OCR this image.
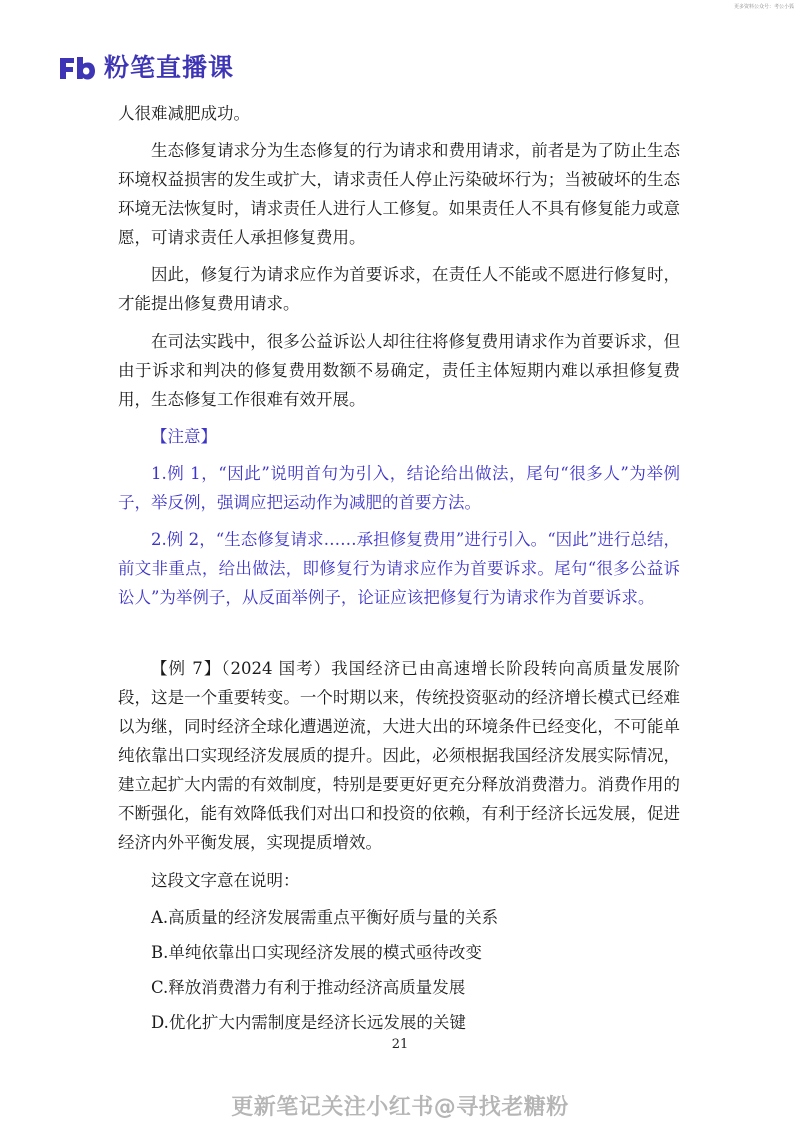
更多资料公众号：考公小狐
粉笔直播课

人很难减肥成功。

生态修复请求分为生态修复的行为请求和费用请求，前者是为了防止生态环境权益损害的发生或扩大，请求责任人停止污染破坏行为；当被破坏的生态环境无法恢复时，请求责任人进行人工修复。如果责任人不具有修复能力或意愿，可请求责任人承担修复费用。

因此，修复行为请求应作为首要诉求，在责任人不能或不愿进行修复时，才能提出修复费用请求。

在司法实践中，很多公益诉讼人却往往将修复费用请求作为首要诉求，但由于诉求和判决的修复费用数额不易确定，责任主体短期内难以承担修复费用，生态修复工作很难有效开展。

【注意】

1.例 1，“因此”说明首句为引入，结论给出做法，尾句“很多人”为举例子，举反例，强调应把运动作为减肥的首要方法。

2.例 2，“生态修复请求……承担修复费用”进行引入。“因此”进行总结，前文非重点，给出做法，即修复行为请求应作为首要诉求。尾句“很多公益诉讼人”为举例子，从反面举例子，论证应该把修复行为请求作为首要诉求。

【例 7】（2024 国考）我国经济已由高速增长阶段转向高质量发展阶段，这是一个重要转变。一个时期以来，传统投资驱动的经济增长模式已经难以为继，同时经济全球化遭遇逆流，大进大出的环境条件已经变化，不可能单纯依靠出口实现经济发展质的提升。因此，必须根据我国经济发展实际情况，建立起扩大内需的有效制度，特别是要更好更充分释放消费潜力。消费作用的不断强化，能有效降低我们对出口和投资的依赖，有利于经济长远发展，促进经济内外平衡发展，实现提质增效。

这段文字意在说明：

A.高质量的经济发展需重点平衡好质与量的关系

B.单纯依靠出口实现经济发展的模式亟待改变

C.释放消费潜力有利于推动经济高质量发展

D.优化扩大内需制度是经济长远发展的关键

21
更新笔记关注小红书@寻找老糖粉
